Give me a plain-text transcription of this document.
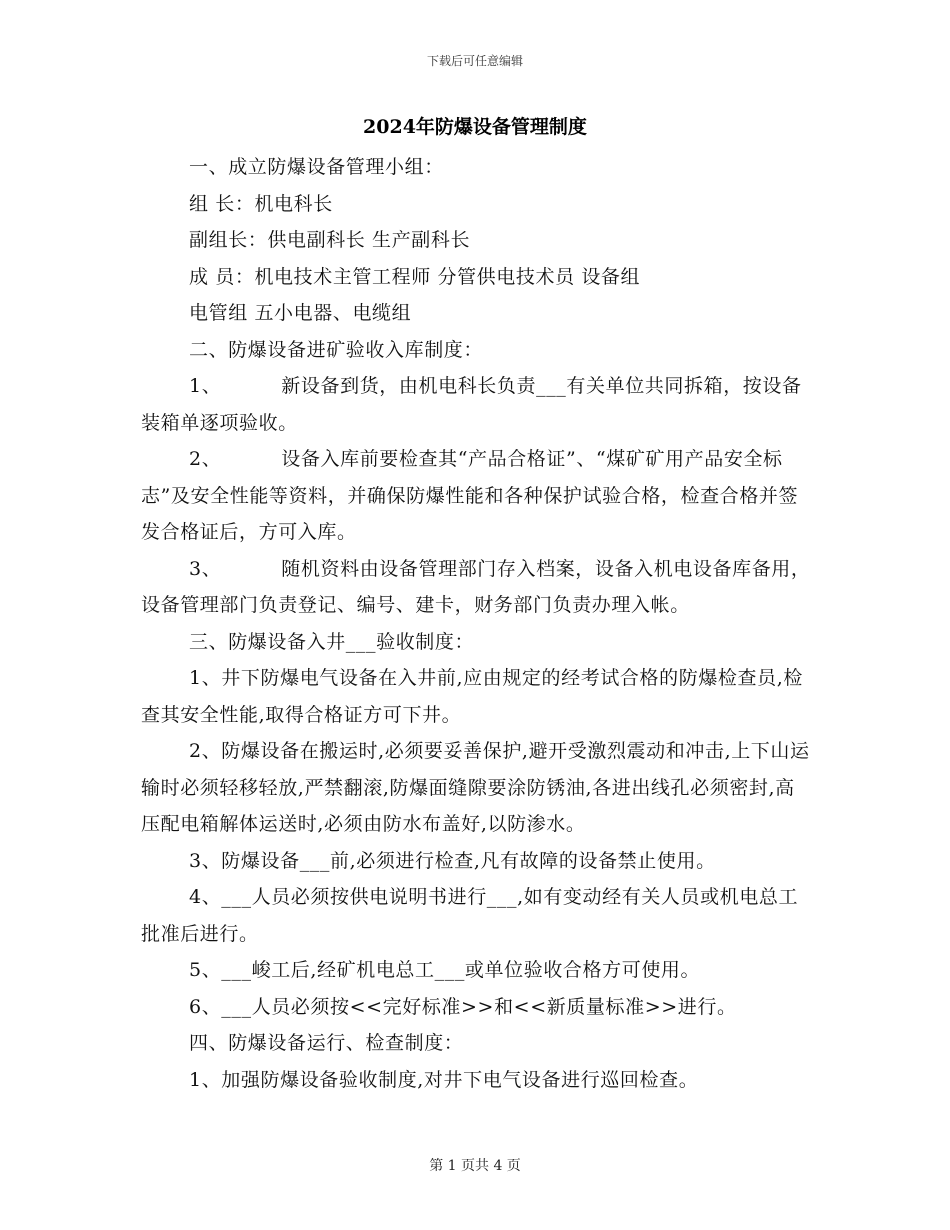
下载后可任意编辑
2024年防爆设备管理制度

一、成立防爆设备管理小组：

组 长：机电科长

副组长：供电副科长 生产副科长

成 员：机电技术主管工程师 分管供电技术员 设备组

电管组 五小电器、电缆组

二、防爆设备进矿验收入库制度：

1、	新设备到货，由机电科长负责___有关单位共同拆箱，按设备装箱单逐项验收。

2、	设备入库前要检查其“产品合格证”、“煤矿矿用产品安全标志”及安全性能等资料，并确保防爆性能和各种保护试验合格，检查合格并签发合格证后，方可入库。

3、	随机资料由设备管理部门存入档案，设备入机电设备库备用，设备管理部门负责登记、编号、建卡，财务部门负责办理入帐。

三、防爆设备入井___验收制度：

1、井下防爆电气设备在入井前,应由规定的经考试合格的防爆检查员,检查其安全性能,取得合格证方可下井。

2、防爆设备在搬运时,必须要妥善保护,避开受激烈震动和冲击,上下山运输时必须轻移轻放,严禁翻滚,防爆面缝隙要涂防锈油,各进出线孔必须密封,高压配电箱解体运送时,必须由防水布盖好,以防渗水。

3、防爆设备___前,必须进行检查,凡有故障的设备禁止使用。

4、___人员必须按供电说明书进行___,如有变动经有关人员或机电总工批准后进行。

5、___峻工后,经矿机电总工___或单位验收合格方可使用。

6、___人员必须按<<完好标准>>和<<新质量标准>>进行。

四、防爆设备运行、检查制度：

1、加强防爆设备验收制度,对井下电气设备进行巡回检查。

第 1 页共 4 页
